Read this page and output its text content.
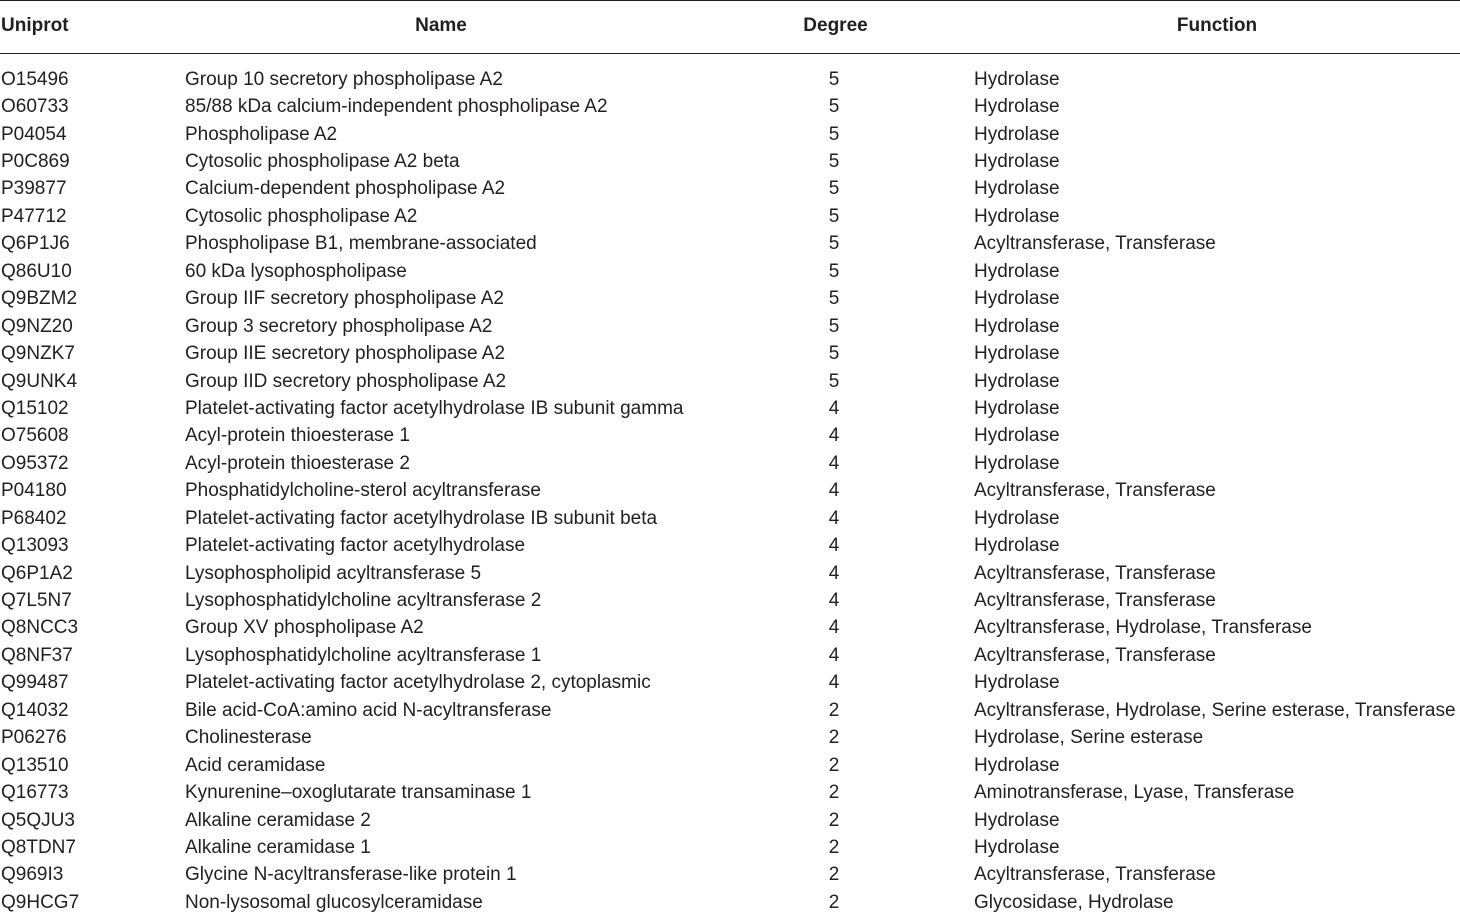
Uniprot	Name	Degree	Function

O15496	Group 10 secretory phospholipase A2	5	Hydrolase
O60733	85/88 kDa calcium-independent phospholipase A2	5	Hydrolase
P04054	Phospholipase A2	5	Hydrolase
P0C869	Cytosolic phospholipase A2 beta	5	Hydrolase
P39877	Calcium-dependent phospholipase A2	5	Hydrolase
P47712	Cytosolic phospholipase A2	5	Hydrolase
Q6P1J6	Phospholipase B1, membrane-associated	5	Acyltransferase, Transferase
Q86U10	60 kDa lysophospholipase	5	Hydrolase
Q9BZM2	Group IIF secretory phospholipase A2	5	Hydrolase
Q9NZ20	Group 3 secretory phospholipase A2	5	Hydrolase
Q9NZK7	Group IIE secretory phospholipase A2	5	Hydrolase
Q9UNK4	Group IID secretory phospholipase A2	5	Hydrolase
Q15102	Platelet-activating factor acetylhydrolase IB subunit gamma	4	Hydrolase
O75608	Acyl-protein thioesterase 1	4	Hydrolase
O95372	Acyl-protein thioesterase 2	4	Hydrolase
P04180	Phosphatidylcholine-sterol acyltransferase	4	Acyltransferase, Transferase
P68402	Platelet-activating factor acetylhydrolase IB subunit beta	4	Hydrolase
Q13093	Platelet-activating factor acetylhydrolase	4	Hydrolase
Q6P1A2	Lysophospholipid acyltransferase 5	4	Acyltransferase, Transferase
Q7L5N7	Lysophosphatidylcholine acyltransferase 2	4	Acyltransferase, Transferase
Q8NCC3	Group XV phospholipase A2	4	Acyltransferase, Hydrolase, Transferase
Q8NF37	Lysophosphatidylcholine acyltransferase 1	4	Acyltransferase, Transferase
Q99487	Platelet-activating factor acetylhydrolase 2, cytoplasmic	4	Hydrolase
Q14032	Bile acid-CoA:amino acid N-acyltransferase	2	Acyltransferase, Hydrolase, Serine esterase, Transferase
P06276	Cholinesterase	2	Hydrolase, Serine esterase
Q13510	Acid ceramidase	2	Hydrolase
Q16773	Kynurenine–oxoglutarate transaminase 1	2	Aminotransferase, Lyase, Transferase
Q5QJU3	Alkaline ceramidase 2	2	Hydrolase
Q8TDN7	Alkaline ceramidase 1	2	Hydrolase
Q969I3	Glycine N-acyltransferase-like protein 1	2	Acyltransferase, Transferase
Q9HCG7	Non-lysosomal glucosylceramidase	2	Glycosidase, Hydrolase
